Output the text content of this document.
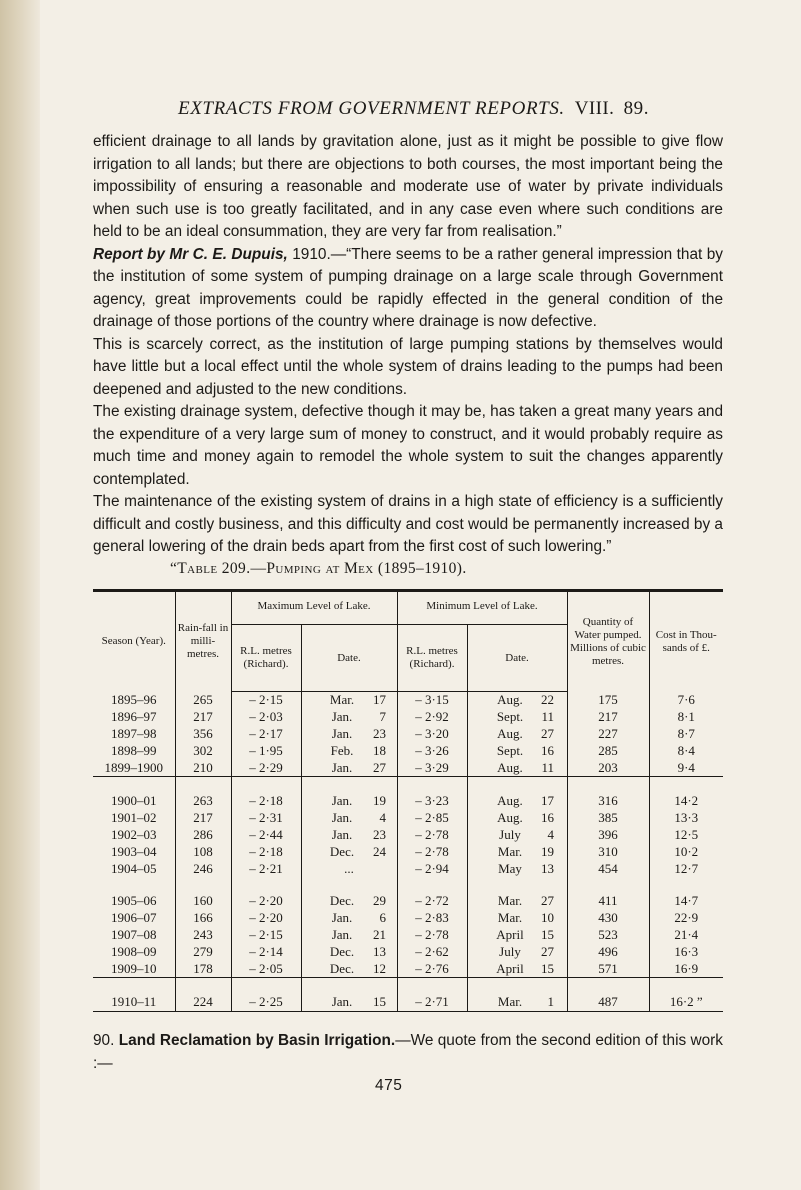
EXTRACTS FROM GOVERNMENT REPORTS. VIII. 89.

efficient drainage to all lands by gravitation alone, just as it might be possible to give flow irrigation to all lands; but there are objections to both courses, the most important being the impossibility of ensuring a reasonable and moderate use of water by private individuals when such use is too greatly facilitated, and in any case even where such conditions are held to be an ideal consummation, they are very far from realisation.”

Report by Mr C. E. Dupuis, 1910.—“There seems to be a rather general impression that by the institution of some system of pumping drainage on a large scale through Government agency, great improvements could be rapidly effected in the general condition of the drainage of those portions of the country where drainage is now defective.

This is scarcely correct, as the institution of large pumping stations by themselves would have little but a local effect until the whole system of drains leading to the pumps had been deepened and adjusted to the new conditions.

The existing drainage system, defective though it may be, has taken a great many years and the expenditure of a very large sum of money to construct, and it would probably require as much time and money again to remodel the whole system to suit the changes apparently contemplated.

The maintenance of the existing system of drains in a high state of efficiency is a sufficiently difficult and costly business, and this difficulty and cost would be permanently increased by a general lowering of the drain beds apart from the first cost of such lowering.”

“Table 209.—Pumping at Mex (1895–1910).
Season (Year).	Rain-fall in milli-metres.	Maximum Level of Lake.		Minimum Level of Lake.		Quantity of Water pumped. Millions of cubic metres.	Cost in Thou-sands of £.
		R.L. metres (Richard).	Date.	R.L. metres (Richard).	Date.		
1895–96	265	– 2·15	Mar. 17	– 3·15	Aug. 22	175	7·6
1896–97	217	– 2·03	Jan. 7	– 2·92	Sept. 11	217	8·1
1897–98	356	– 2·17	Jan. 23	– 3·20	Aug. 27	227	8·7
1898–99	302	– 1·95	Feb. 18	– 3·26	Sept. 16	285	8·4
1899–1900	210	– 2·29	Jan. 27	– 3·29	Aug. 11	203	9·4
1900–01	263	– 2·18	Jan. 19	– 3·23	Aug. 17	316	14·2
1901–02	217	– 2·31	Jan. 4	– 2·85	Aug. 16	385	13·3
1902–03	286	– 2·44	Jan. 23	– 2·78	July 4	396	12·5
1903–04	108	– 2·18	Dec. 24	– 2·78	Mar. 19	310	10·2
1904–05	246	– 2·21	...	– 2·94	May 13	454	12·7
1905–06	160	– 2·20	Dec. 29	– 2·72	Mar. 27	411	14·7
1906–07	166	– 2·20	Jan. 6	– 2·83	Mar. 10	430	22·9
1907–08	243	– 2·15	Jan. 21	– 2·78	April 15	523	21·4
1908–09	279	– 2·14	Dec. 13	– 2·62	July 27	496	16·3
1909–10	178	– 2·05	Dec. 12	– 2·76	April 15	571	16·9
1910–11	224	– 2·25	Jan. 15	– 2·71	Mar. 1	487	16·2 ”
90. Land Reclamation by Basin Irrigation.—We quote from the second edition of this work :—
475
